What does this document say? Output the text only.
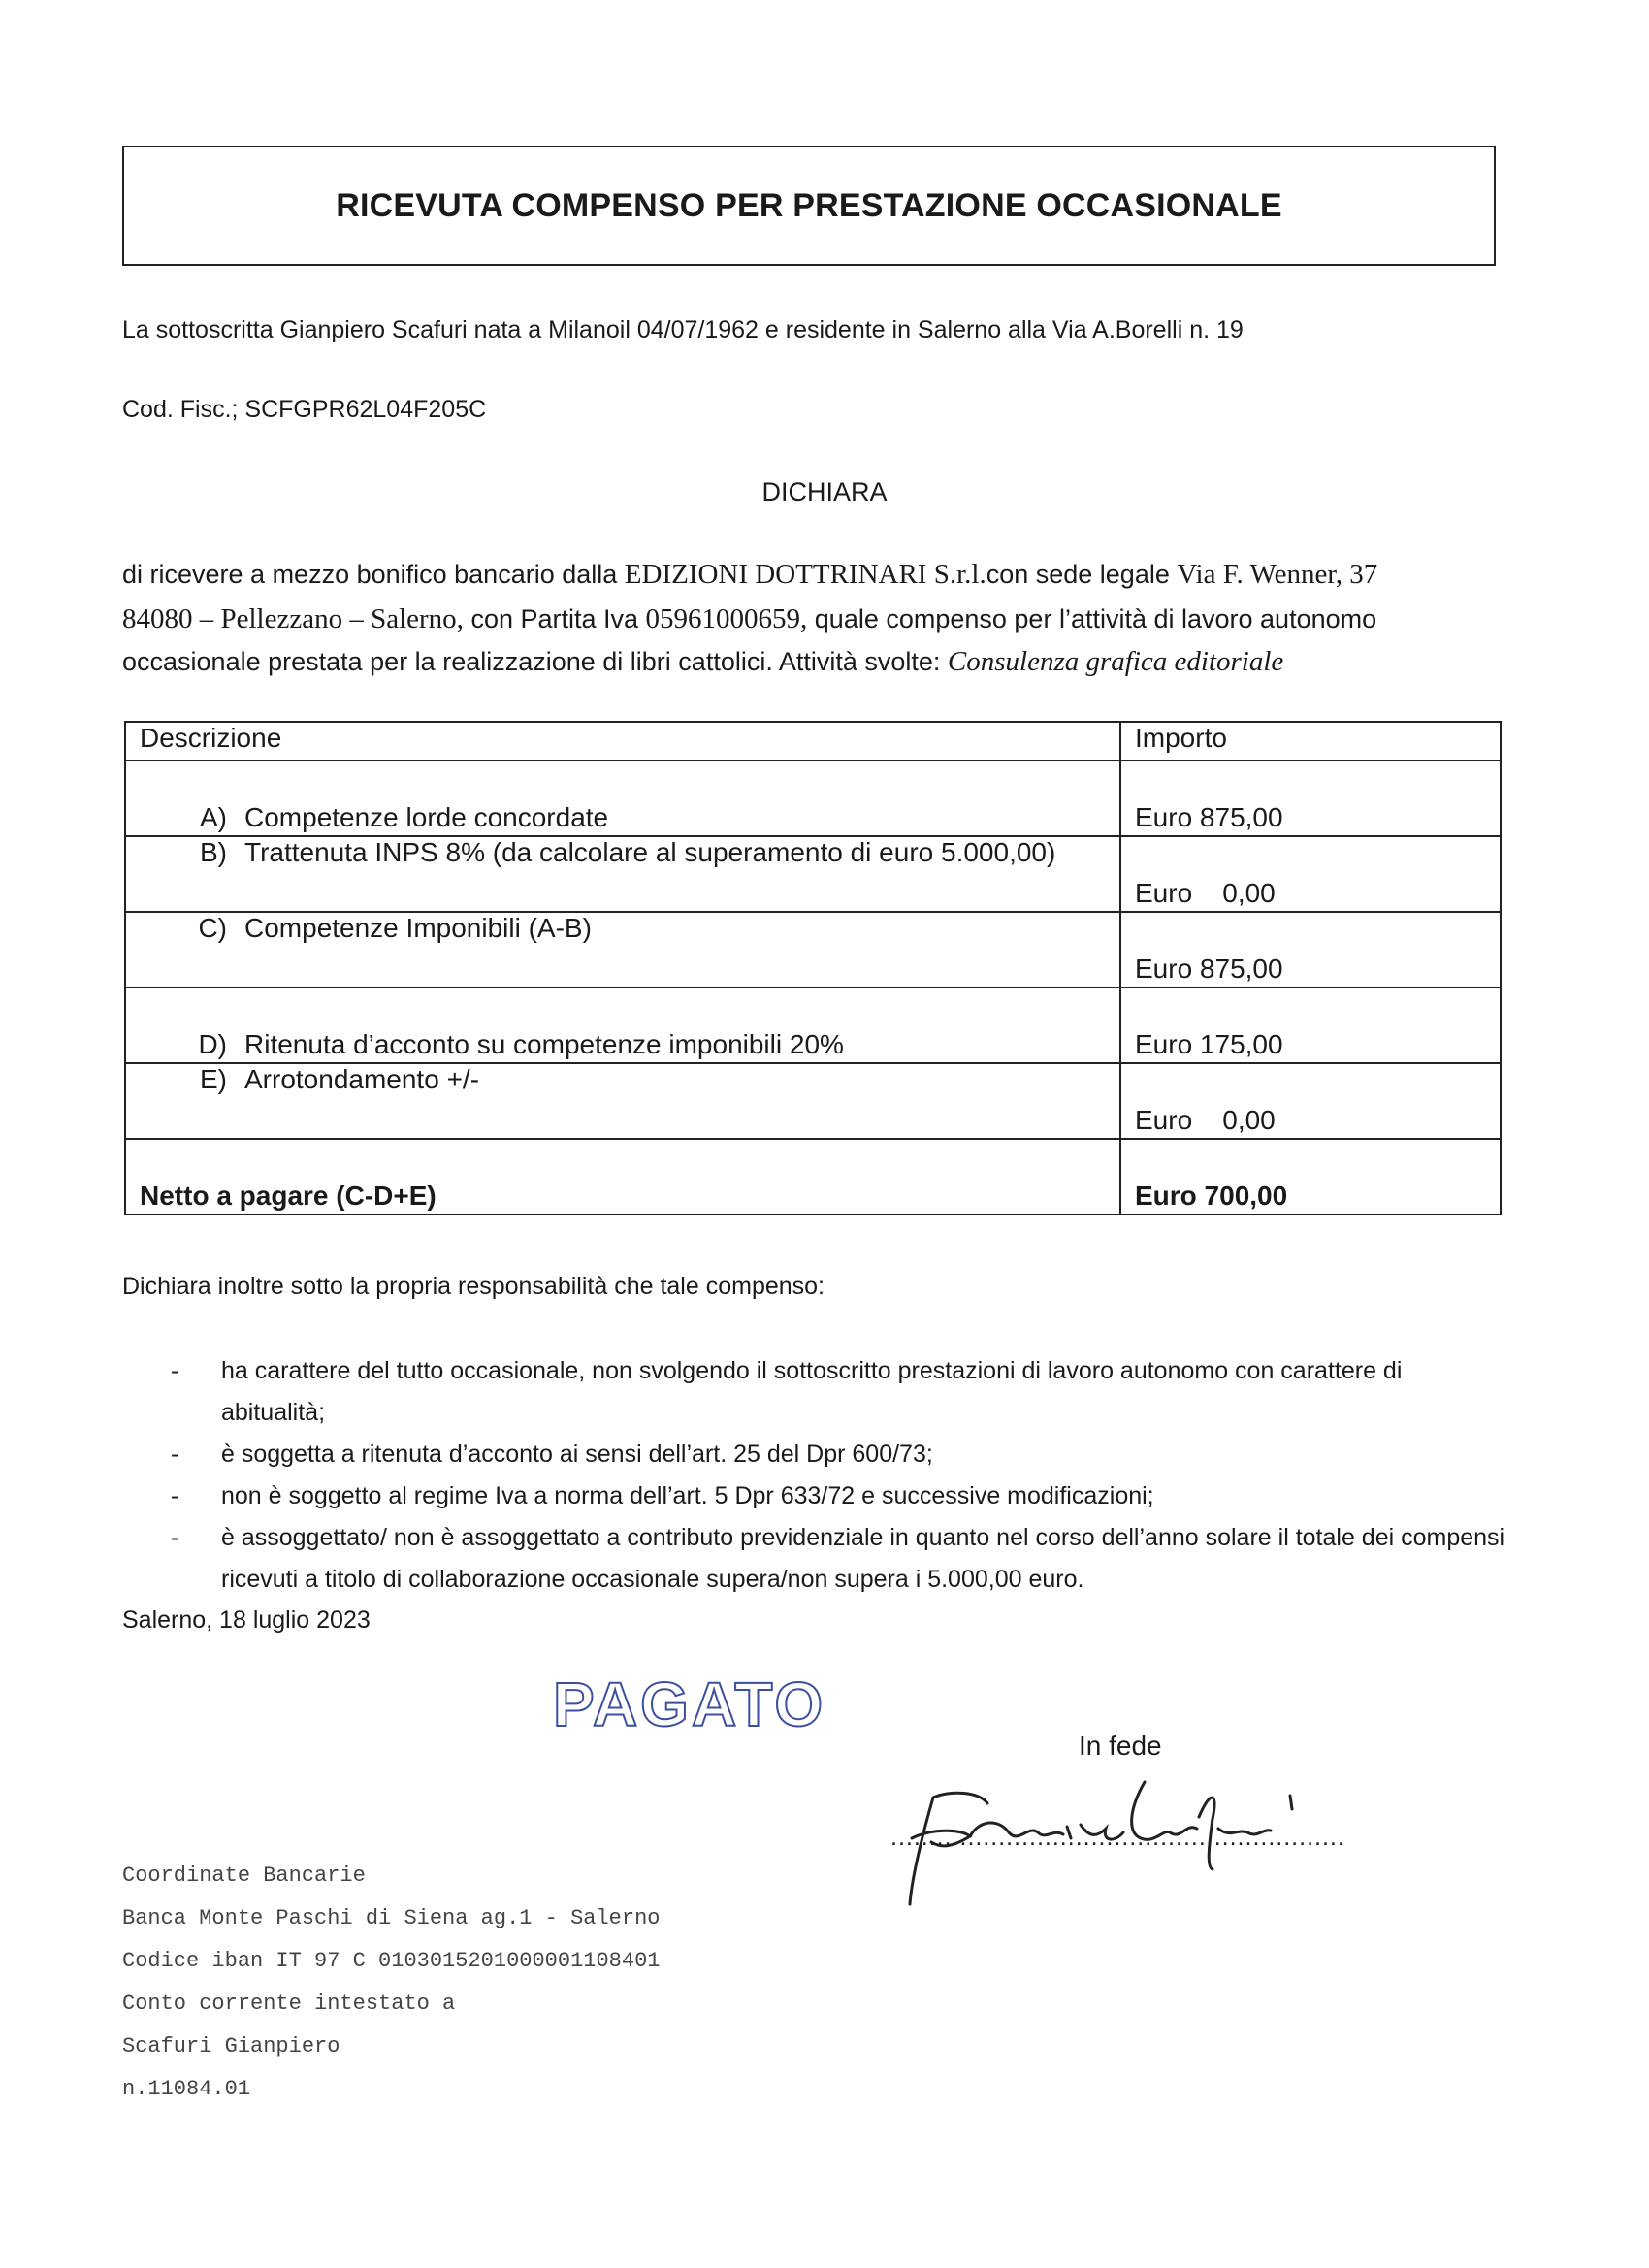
RICEVUTA COMPENSO PER PRESTAZIONE OCCASIONALE
La sottoscritta Gianpiero Scafuri nata a Milanoil 04/07/1962 e residente in Salerno alla Via A.Borelli n. 19
Cod. Fisc.; SCFGPR62L04F205C
DICHIARA
di ricevere a mezzo bonifico bancario dalla EDIZIONI DOTTRINARI S.r.l.con sede legale Via F. Wenner, 37
84080 – Pellezzano – Salerno, con Partita Iva 05961000659, quale compenso per l’attività di lavoro autonomo
occasionale prestata per la realizzazione di libri cattolici. Attività svolte: Consulenza grafica editoriale
Descrizione	Importo

A) Competenze lorde concordate	Euro 875,00

B) Trattenuta INPS 8% (da calcolare al superamento di euro 5.000,00)	Euro    0,00

C) Competenze Imponibili (A-B)	Euro 875,00

D) Ritenuta d’acconto su competenze imponibili 20%	Euro 175,00

E) Arrotondamento +/-	Euro    0,00
Netto a pagare (C-D+E)	Euro 700,00
Dichiara inoltre sotto la propria responsabilità che tale compenso:
-	ha carattere del tutto occasionale, non svolgendo il sottoscritto prestazioni di lavoro autonomo con carattere di abitualità;
-	è soggetta a ritenuta d’acconto ai sensi dell’art. 25 del Dpr 600/73;
-	non è soggetto al regime Iva a norma dell’art. 5 Dpr 633/72 e successive modificazioni;
-	è assoggettato/ non è assoggettato a contributo previdenziale in quanto nel corso dell’anno solare il totale dei compensi ricevuti a titolo di collaborazione occasionale supera/non supera i 5.000,00 euro.
Salerno, 18 luglio 2023
PAGATO
In fede
...........................................................
Coordinate Bancarie
Banca Monte Paschi di Siena ag.1 - Salerno
Codice iban IT 97 C 0103015201000001108401
Conto corrente intestato a
Scafuri Gianpiero
n.11084.01
